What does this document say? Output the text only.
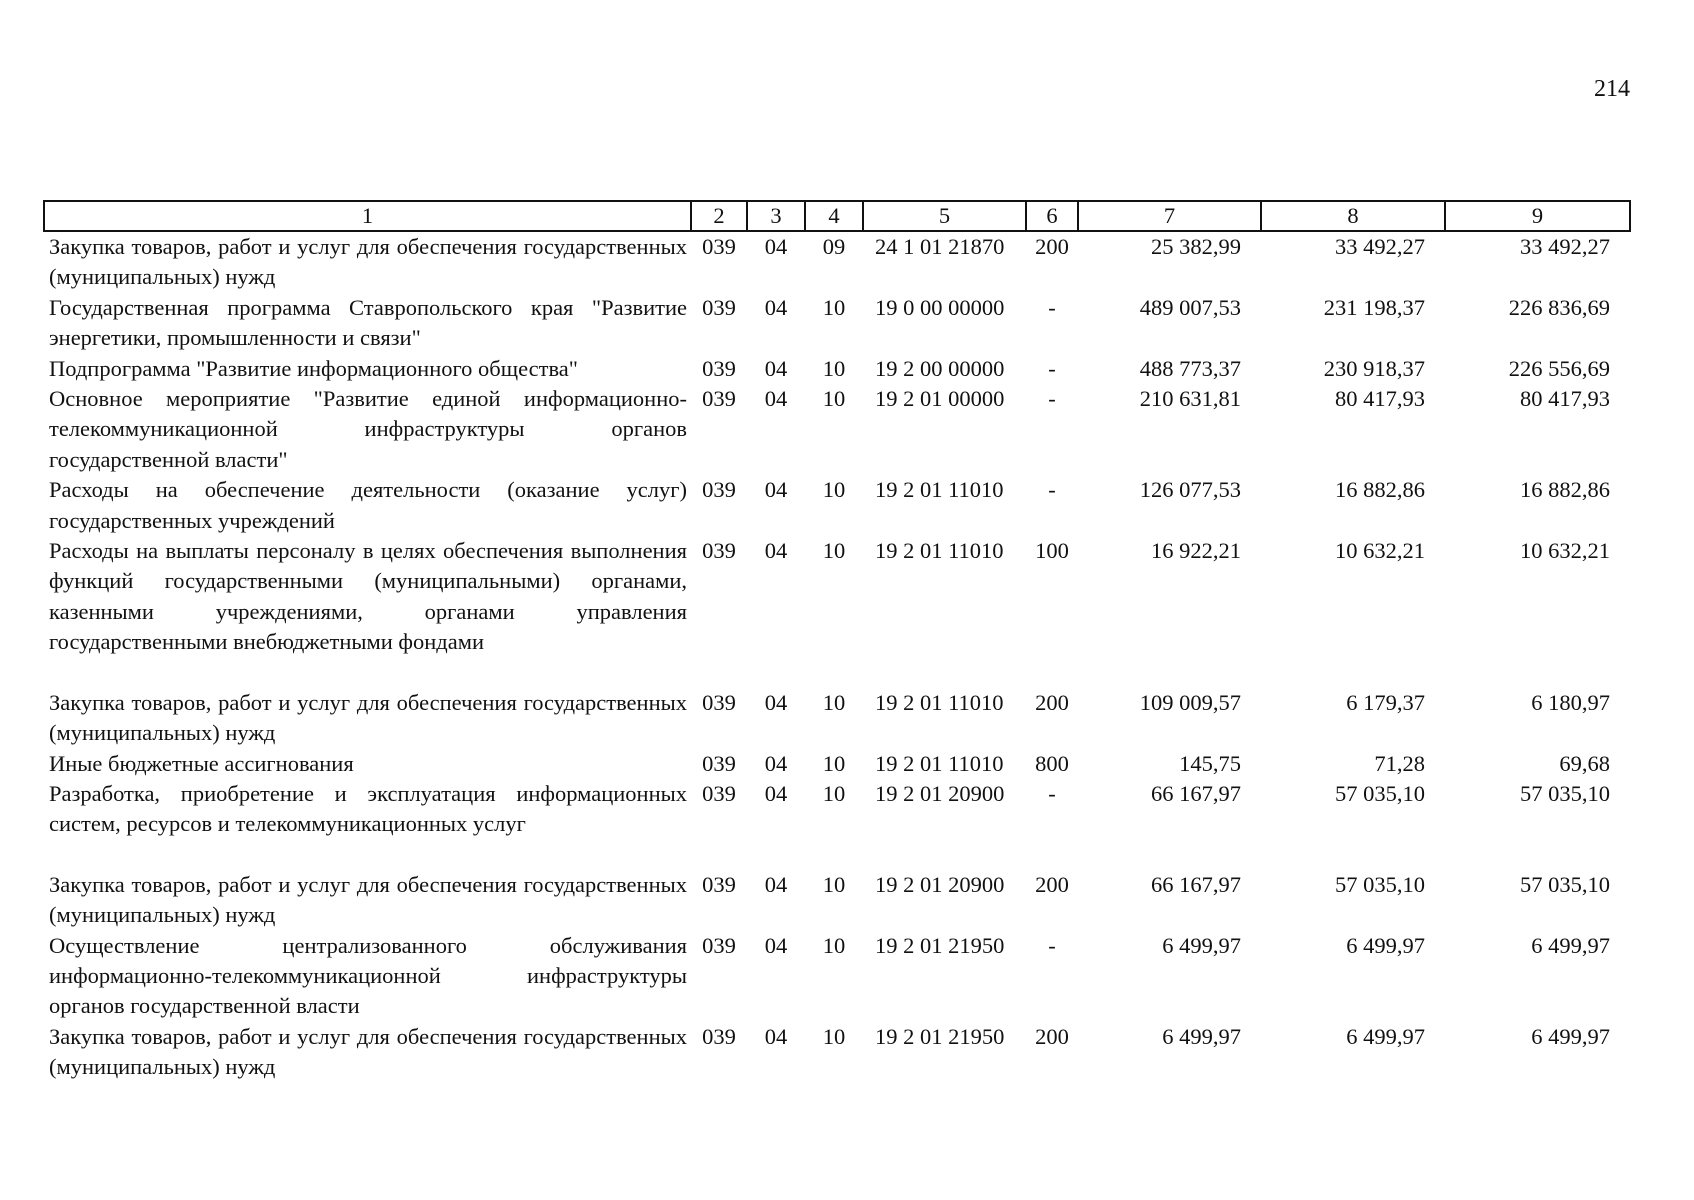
214
1	2	3	4	5	6	7	8	9
Закупка товаров, работ и услуг для обеспечения государственных (муниципальных) нужд	039	04	09	24 1 01 21870	200	25 382,99	33 492,27	33 492,27
Государственная программа Ставропольского края "Развитие энергетики, промышленности и связи"	039	04	10	19 0 00 00000	-	489 007,53	231 198,37	226 836,69
Подпрограмма "Развитие информационного общества"	039	04	10	19 2 00 00000	-	488 773,37	230 918,37	226 556,69
Основное мероприятие "Развитие единой информационно-телекоммуникационной инфраструктуры органов государственной власти"	039	04	10	19 2 01 00000	-	210 631,81	80 417,93	80 417,93
Расходы на обеспечение деятельности (оказание услуг) государственных учреждений	039	04	10	19 2 01 11010	-	126 077,53	16 882,86	16 882,86
Расходы на выплаты персоналу в целях обеспечения выполнения функций государственными (муниципальными) органами, казенными учреждениями, органами управления государственными внебюджетными фондами	039	04	10	19 2 01 11010	100	16 922,21	10 632,21	10 632,21
Закупка товаров, работ и услуг для обеспечения государственных (муниципальных) нужд	039	04	10	19 2 01 11010	200	109 009,57	6 179,37	6 180,97
Иные бюджетные ассигнования	039	04	10	19 2 01 11010	800	145,75	71,28	69,68
Разработка, приобретение и эксплуатация информационных систем, ресурсов и телекоммуникационных услуг	039	04	10	19 2 01 20900	-	66 167,97	57 035,10	57 035,10
Закупка товаров, работ и услуг для обеспечения государственных (муниципальных) нужд	039	04	10	19 2 01 20900	200	66 167,97	57 035,10	57 035,10
Осуществление централизованного обслуживания информационно-телекоммуникационной инфраструктуры органов государственной власти	039	04	10	19 2 01 21950	-	6 499,97	6 499,97	6 499,97
Закупка товаров, работ и услуг для обеспечения государственных (муниципальных) нужд	039	04	10	19 2 01 21950	200	6 499,97	6 499,97	6 499,97
